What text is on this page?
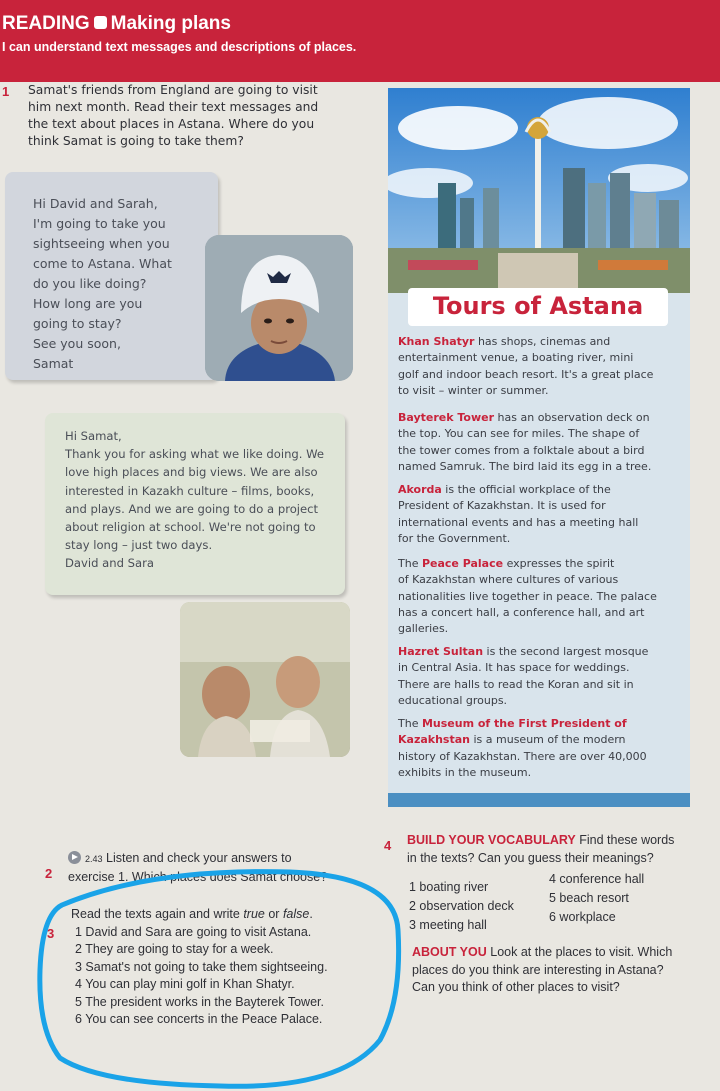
READING Making plans
I can understand text messages and descriptions of places.
1 Samat's friends from England are going to visit
him next month. Read their text messages and
the text about places in Astana. Where do you
think Samat is going to take them?
Hi David and Sarah,
I'm going to take you
sightseeing when you
come to Astana. What
do you like doing?
How long are you
going to stay?
See you soon,
Samat
Hi Samat,
Thank you for asking what we like doing. We
love high places and big views. We are also
interested in Kazakh culture – films, books,
and plays. And we are going to do a project
about religion at school. We're not going to
stay long – just two days.
David and Sara
Tours of Astana
Khan Shatyr has shops, cinemas and
entertainment venue, a boating river, mini
golf and indoor beach resort. It's a great place
to visit – winter or summer.
Bayterek Tower has an observation deck on
the top. You can see for miles. The shape of
the tower comes from a folktale about a bird
named Samruk. The bird laid its egg in a tree.
Akorda is the official workplace of the
President of Kazakhstan. It is used for
international events and has a meeting hall
for the Government.
The Peace Palace expresses the spirit
of Kazakhstan where cultures of various
nationalities live together in peace. The palace
has a concert hall, a conference hall, and art
galleries.
Hazret Sultan is the second largest mosque
in Central Asia. It has space for weddings.
There are halls to read the Koran and sit in
educational groups.
The Museum of the First President of
Kazakhstan is a museum of the modern
history of Kazakhstan. There are over 40,000
exhibits in the museum.
2
2.43 Listen and check your answers to
exercise 1. Which places does Samat choose?
3
Read the texts again and write true or false.
1 David and Sara are going to visit Astana.
2 They are going to stay for a week.
3 Samat's not going to take them sightseeing.
4 You can play mini golf in Khan Shatyr.
5 The president works in the Bayterek Tower.
6 You can see concerts in the Peace Palace.
4 BUILD YOUR VOCABULARY Find these words
in the texts? Can you guess their meanings?
1 boating river
2 observation deck
3 meeting hall
4 conference hall
5 beach resort
6 workplace
ABOUT YOU Look at the places to visit. Which
places do you think are interesting in Astana?
Can you think of other places to visit?
